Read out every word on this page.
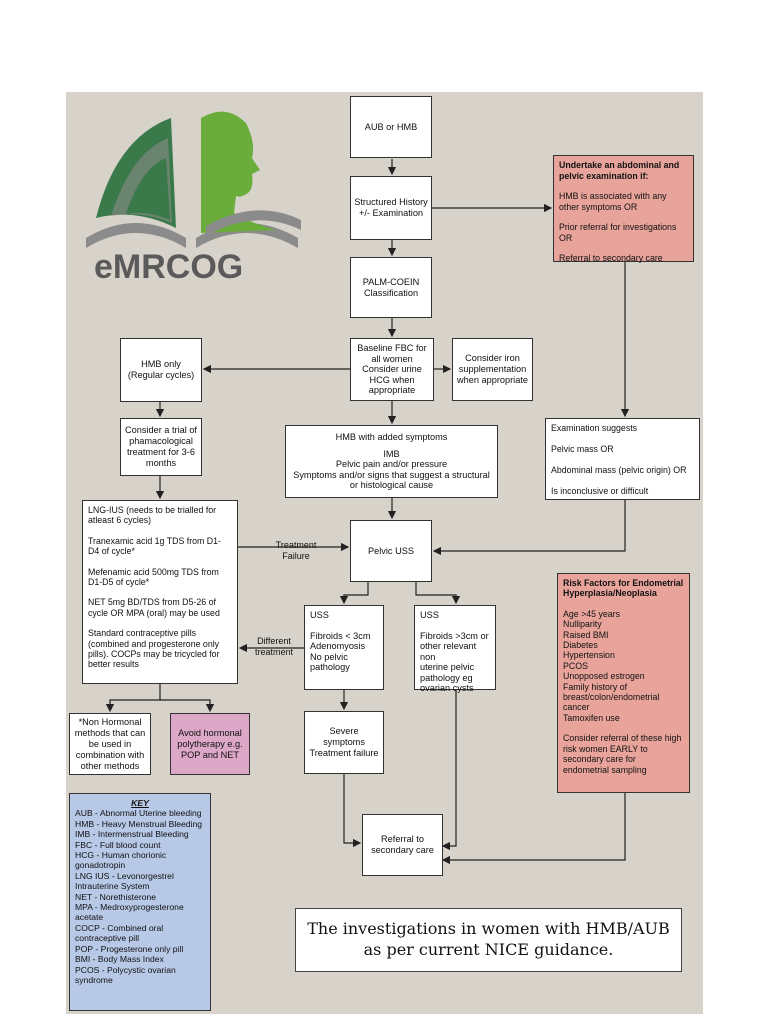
eMRCOG
AUB or HMB
Structured History +/- Examination
PALM-COEIN Classification
Baseline FBC for
all women
Consider urine
HCG when
appropriate
Consider iron supplementation when appropriate
HMB only
(Regular cycles)
Consider a trial of phamacological treatment for 3-6 months
HMB with added symptoms
IMB
Pelvic pain and/or pressure
Symptoms and/or signs that suggest a structural or histological cause
Pelvic USS
LNG-IUS (needs to be trialled for atleast 6 cycles)
Tranexamic acid 1g TDS from D1-D4 of cycle*
Mefenamic acid 500mg TDS from D1-D5 of cycle*
NET 5mg BD/TDS from D5-26 of cycle OR MPA (oral) may be used
Standard contraceptive pills (combined and progesterone only pills). COCPs may be tricycled for better results
Treatment
Failure
Different
treatment
USS
Fibroids < 3cm
Adenomyosis
No pelvic
pathology
USS
Fibroids >3cm or
other relevant non
uterine pelvic
pathology eg
ovarian cysts
Severe symptoms
Treatment failure
Referral to
secondary care
*Non Hormonal methods that can be used in combination with other methods
Avoid hormonal polytherapy e.g. POP and NET
Undertake an abdominal and pelvic examination if:
HMB is associated with any other symptoms OR
Prior referral for investigations OR
Referral to secondary care
Examination suggests
Pelvic mass OR
Abdominal mass (pelvic origin) OR
Is inconclusive or difficult
Risk Factors for Endometrial Hyperplasia/Neoplasia
Age >45 years
Nulliparity
Raised BMI
Diabetes
Hypertension
PCOS
Unopposed estrogen
Family history of breast/colon/endometrial cancer
Tamoxifen use
Consider referral of these high risk women EARLY to secondary care for endometrial sampling
KEY
AUB - Abnormal Uterine bleeding
HMB - Heavy Menstrual Bleeding
IMB - Intermenstrual Bleeding
FBC - Full blood count
HCG - Human chorionic gonadotropin
LNG IUS - Levonorgestrel Intrauterine System
NET - Norethisterone
MPA - Medroxyprogesterone acetate
COCP - Combined oral contraceptive pill
POP - Progesterone only pill
BMI - Body Mass Index
PCOS - Polycystic ovarian syndrome
The investigations in women with HMB/AUB
as per current NICE guidance.
